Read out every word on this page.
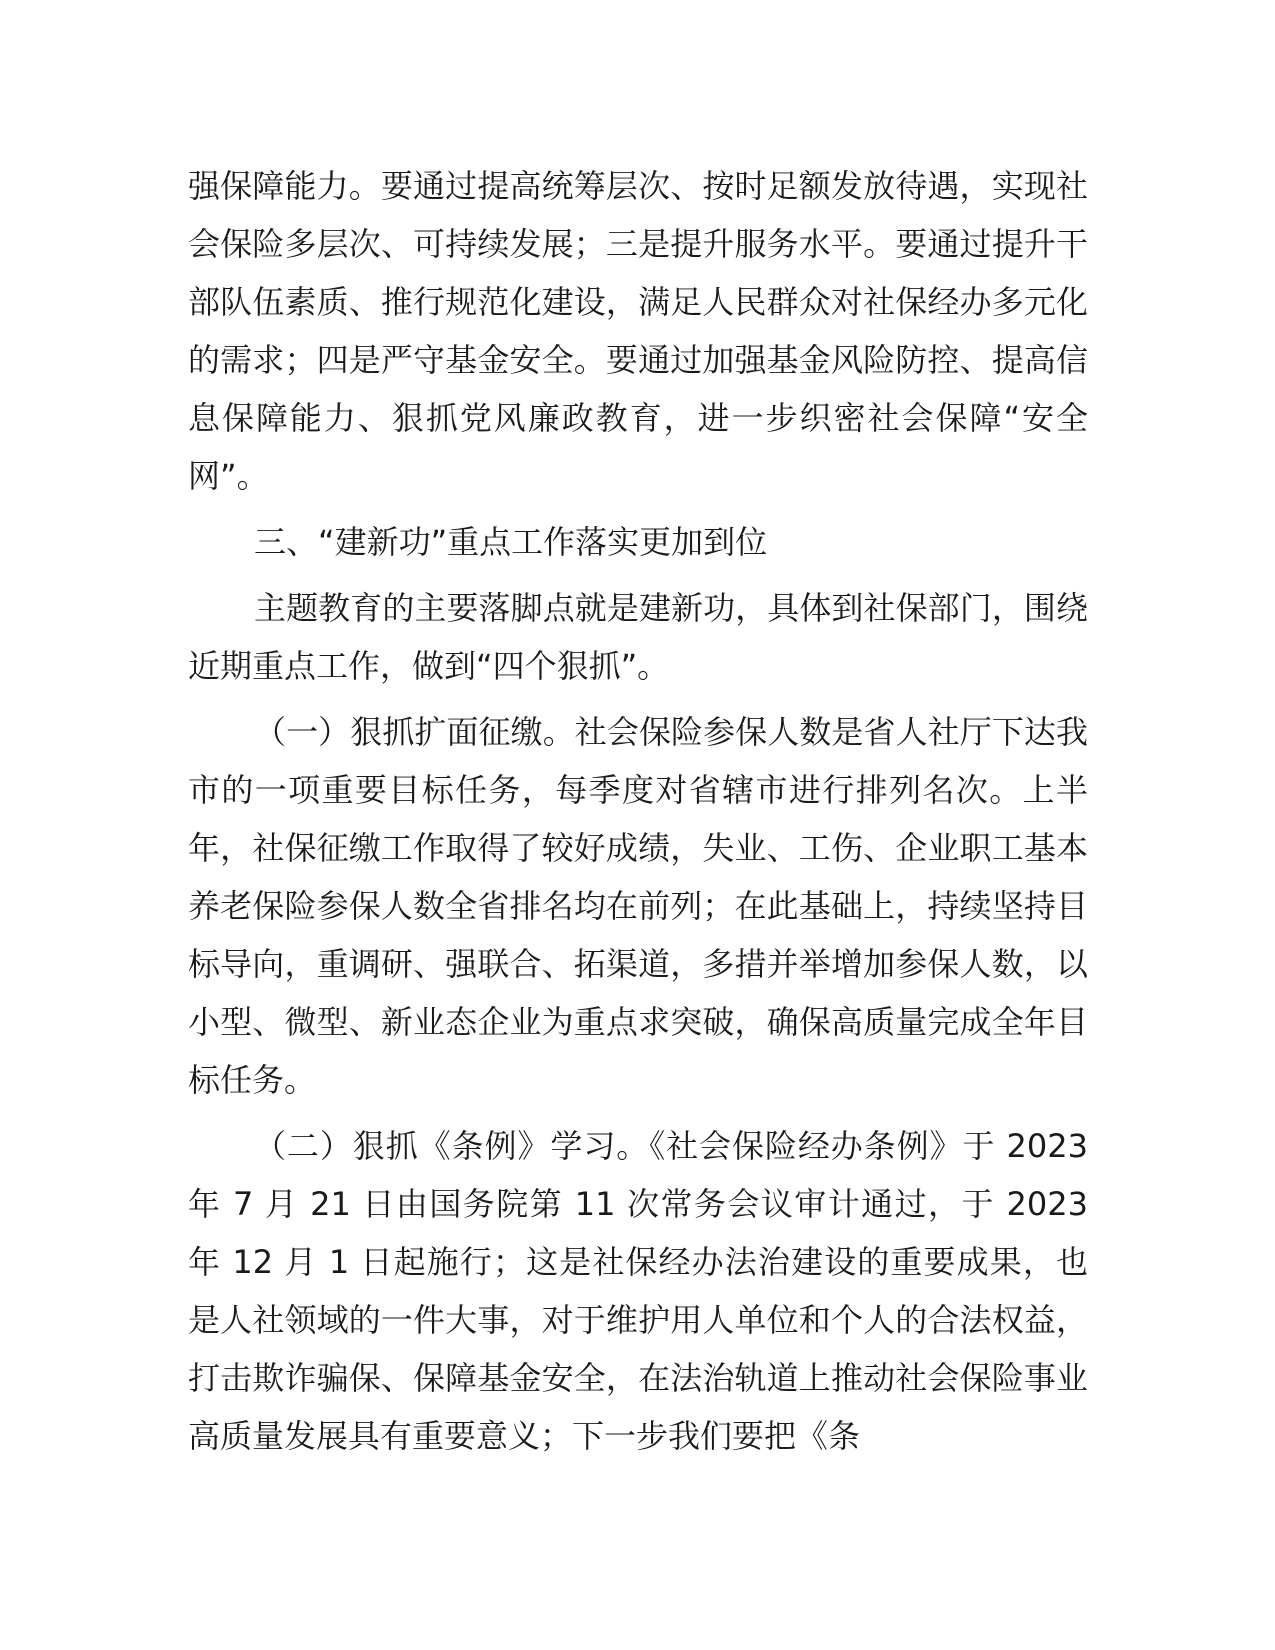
强保障能力。要通过提高统筹层次、按时足额发放待遇，实现社会保险多层次、可持续发展；三是提升服务水平。要通过提升干部队伍素质、推行规范化建设，满足人民群众对社保经办多元化的需求；四是严守基金安全。要通过加强基金风险防控、提高信息保障能力、狠抓党风廉政教育，进一步织密社会保障“安全网”。

三、“建新功”重点工作落实更加到位

主题教育的主要落脚点就是建新功，具体到社保部门，围绕近期重点工作，做到“四个狠抓”。

（一）狠抓扩面征缴。社会保险参保人数是省人社厅下达我市的一项重要目标任务，每季度对省辖市进行排列名次。上半年，社保征缴工作取得了较好成绩，失业、工伤、企业职工基本养老保险参保人数全省排名均在前列；在此基础上，持续坚持目标导向，重调研、强联合、拓渠道，多措并举增加参保人数，以小型、微型、新业态企业为重点求突破，确保高质量完成全年目标任务。

（二）狠抓《条例》学习。《社会保险经办条例》于 2023 年 7 月 21 日由国务院第 11 次常务会议审计通过，于 2023 年 12 月 1 日起施行；这是社保经办法治建设的重要成果，也是人社领域的一件大事，对于维护用人单位和个人的合法权益，打击欺诈骗保、保障基金安全，在法治轨道上推动社会保险事业高质量发展具有重要意义；下一步我们要把《条
